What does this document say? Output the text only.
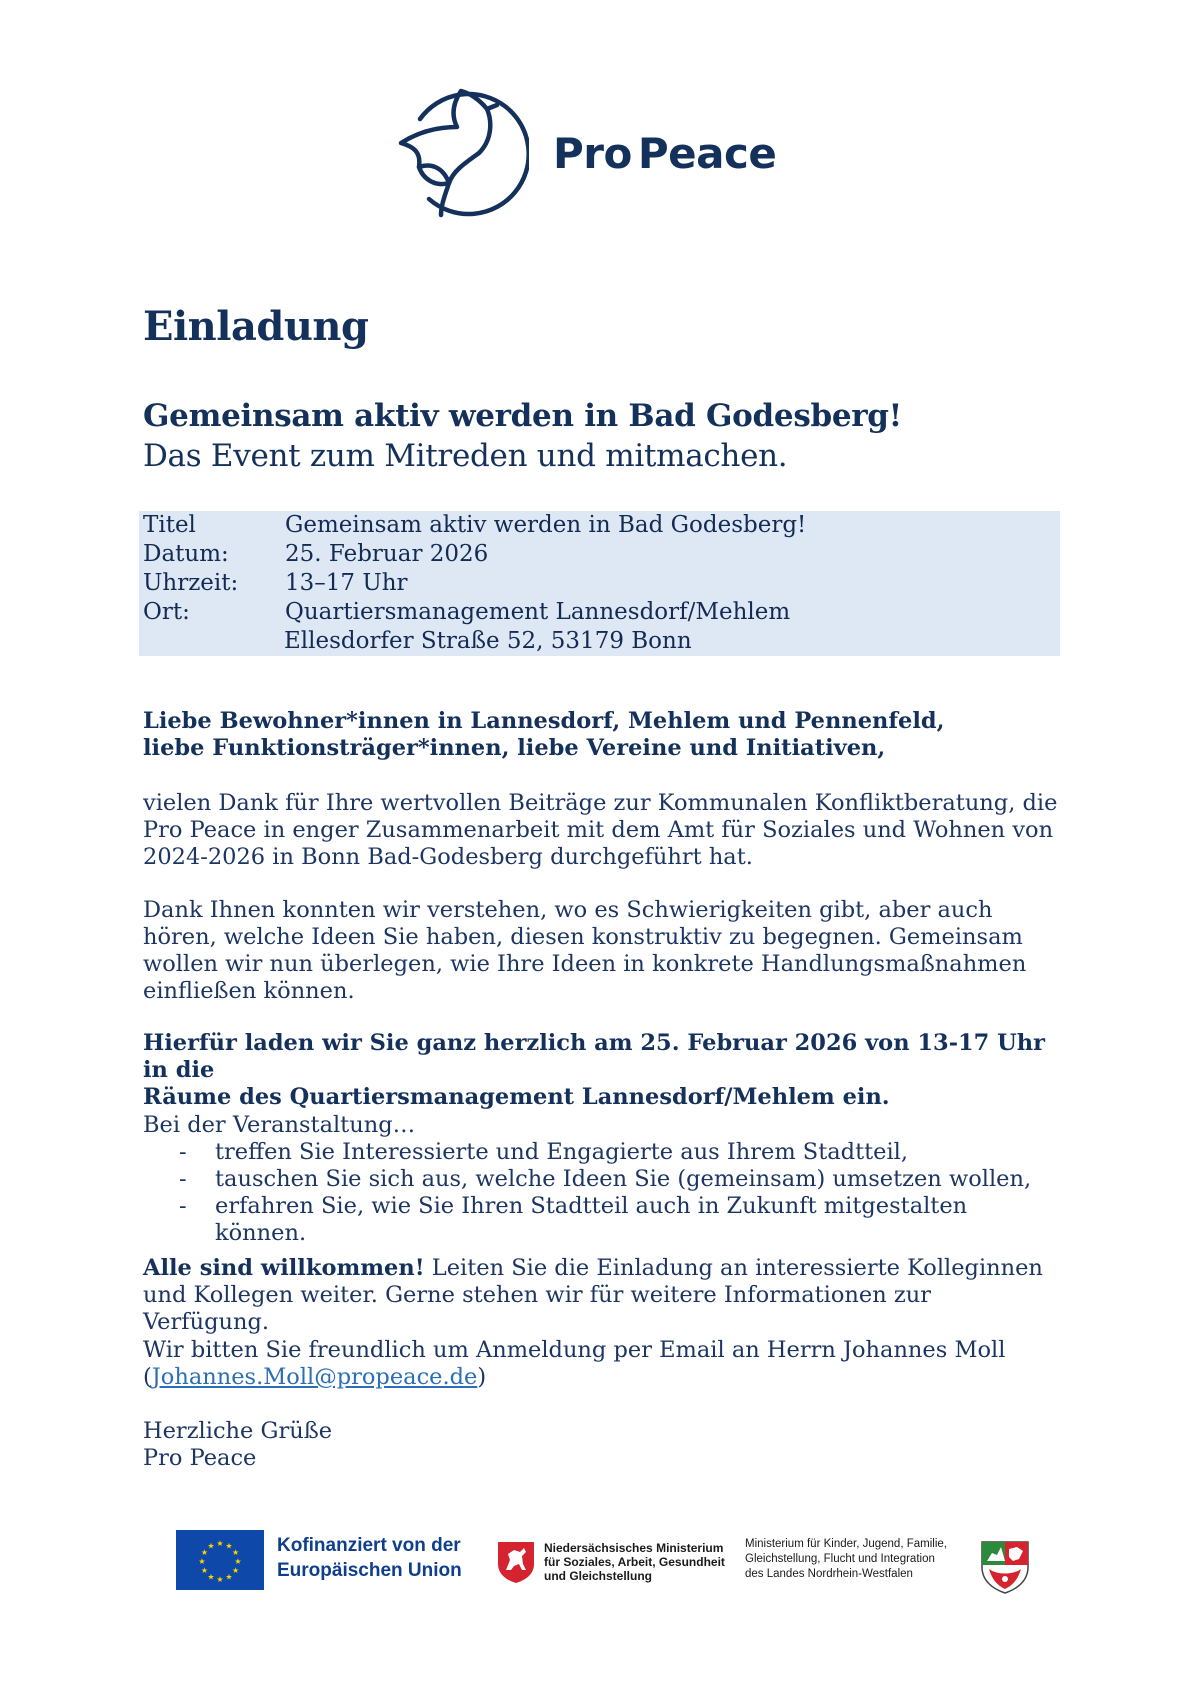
Pro Peace
Einladung
Gemeinsam aktiv werden in Bad Godesberg!

Das Event zum Mitreden und mitmachen.

Titel	Gemeinsam aktiv werden in Bad Godesberg!
Datum:	25. Februar 2026
Uhrzeit:	13–17 Uhr
Ort:	Quartiersmanagement Lannesdorf/Mehlem
Ellesdorfer Straße 52, 53179 Bonn
Liebe Bewohner*innen in Lannesdorf, Mehlem und Pennenfeld,
liebe Funktionsträger*innen, liebe Vereine und Initiativen,
vielen Dank für Ihre wertvollen Beiträge zur Kommunalen Konfliktberatung, die
Pro Peace in enger Zusammenarbeit mit dem Amt für Soziales und Wohnen von
2024-2026 in Bonn Bad-Godesberg durchgeführt hat.
Dank Ihnen konnten wir verstehen, wo es Schwierigkeiten gibt, aber auch
hören, welche Ideen Sie haben, diesen konstruktiv zu begegnen. Gemeinsam
wollen wir nun überlegen, wie Ihre Ideen in konkrete Handlungsmaßnahmen
einfließen können.
Hierfür laden wir Sie ganz herzlich am 25. Februar 2026 von 13-17 Uhr in die
Räume des Quartiersmanagement Lannesdorf/Mehlem ein.
Bei der Veranstaltung…
- treffen Sie Interessierte und Engagierte aus Ihrem Stadtteil,
- tauschen Sie sich aus, welche Ideen Sie (gemeinsam) umsetzen wollen,
- erfahren Sie, wie Sie Ihren Stadtteil auch in Zukunft mitgestalten können.
Alle sind willkommen! Leiten Sie die Einladung an interessierte Kolleginnen
und Kollegen weiter. Gerne stehen wir für weitere Informationen zur Verfügung.
Wir bitten Sie freundlich um Anmeldung per Email an Herrn Johannes Moll
(Johannes.Moll@propeace.de)
Herzliche Grüße
Pro Peace
★ ★
★
★
★
★
★
★
★
★
★
★	Kofinanziert von der
Europäischen Union
Niedersächsisches Ministerium
für Soziales, Arbeit, Gesundheit
und Gleichstellung
Ministerium für Kinder, Jugend, Familie,
Gleichstellung, Flucht und Integration
des Landes Nordrhein-Westfalen
